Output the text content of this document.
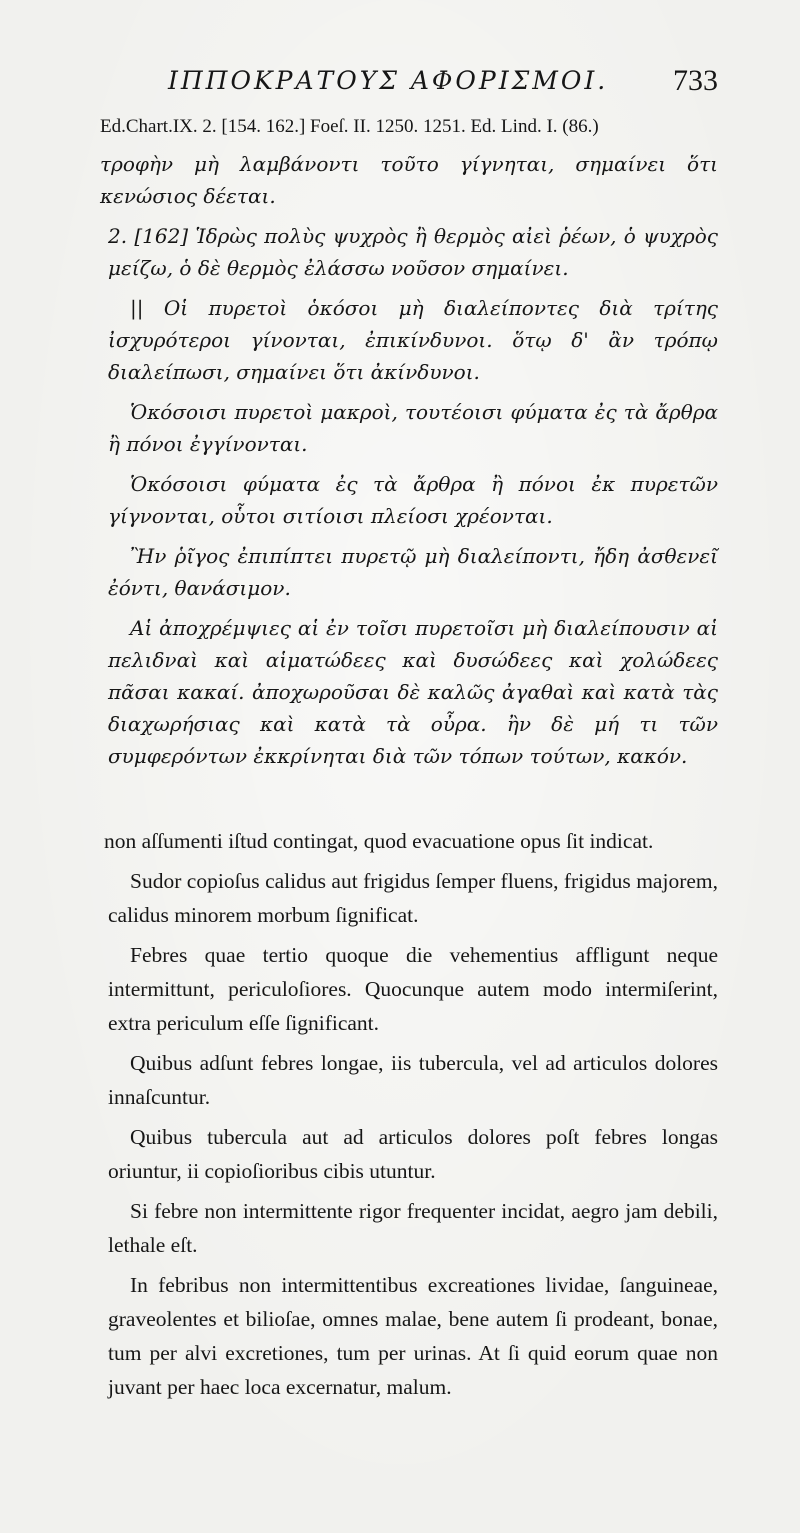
ΙΠΠΟΚΡΑΤΟΥΣ ΑΦΟΡΙΣΜΟΙ. 733
Ed.Chart.IX. 2. [154. 162.] Foeſ. II. 1250. 1251. Ed. Lind. I. (86.)

τροφὴν μὴ λαμβάνοντι τοῦτο γίγνηται, σημαίνει ὅτι κενώσιος δέεται.

2. [162] Ἱδρὼς πολὺς ψυχρὸς ἢ θερμὸς αἰεὶ ῥέων, ὁ ψυχρὸς μείζω, ὁ δὲ θερμὸς ἐλάσσω νοῦσον σημαίνει.

|| Οἱ πυρετοὶ ὁκόσοι μὴ διαλείποντες διὰ τρίτης ἰσχυρότεροι γίνονται, ἐπικίνδυνοι. ὅτῳ δ' ἂν τρόπῳ διαλείπωσι, σημαίνει ὅτι ἀκίνδυνοι.

Ὁκόσοισι πυρετοὶ μακροὶ, τουτέοισι φύματα ἐς τὰ ἄρθρα ἢ πόνοι ἐγγίνονται.

Ὁκόσοισι φύματα ἐς τὰ ἄρθρα ἢ πόνοι ἐκ πυρετῶν γίγνονται, οὗτοι σιτίοισι πλείοσι χρέονται.

Ἢν ῥῖγος ἐπιπίπτει πυρετῷ μὴ διαλείποντι, ἤδη ἀσθενεῖ ἐόντι, θανάσιμον.

Αἱ ἀποχρέμψιες αἱ ἐν τοῖσι πυρετοῖσι μὴ διαλείπουσιν αἱ πελιδναὶ καὶ αἱματώδεες καὶ δυσώδεες καὶ χολώδεες πᾶσαι κακαί. ἀποχωροῦσαι δὲ καλῶς ἀγαθαὶ καὶ κατὰ τὰς διαχωρήσιας καὶ κατὰ τὰ οὖρα. ἢν δὲ μή τι τῶν συμφερόντων ἐκκρίνηται διὰ τῶν τόπων τούτων, κακόν.

non aſſumenti iſtud contingat, quod evacuatione opus ſit indicat.

Sudor copioſus calidus aut frigidus ſemper fluens, frigidus majorem, calidus minorem morbum ſignificat.

Febres quae tertio quoque die vehementius affligunt neque intermittunt, periculoſiores. Quocunque autem modo intermiſerint, extra periculum eſſe ſignificant.

Quibus adſunt febres longae, iis tubercula, vel ad articulos dolores innaſcuntur.

Quibus tubercula aut ad articulos dolores poſt febres longas oriuntur, ii copioſioribus cibis utuntur.

Si febre non intermittente rigor frequenter incidat, aegro jam debili, lethale eſt.

In febribus non intermittentibus excreationes lividae, ſanguineae, graveolentes et bilioſae, omnes malae, bene autem ſi prodeant, bonae, tum per alvi excretiones, tum per urinas. At ſi quid eorum quae non juvant per haec loca excernatur, malum.
